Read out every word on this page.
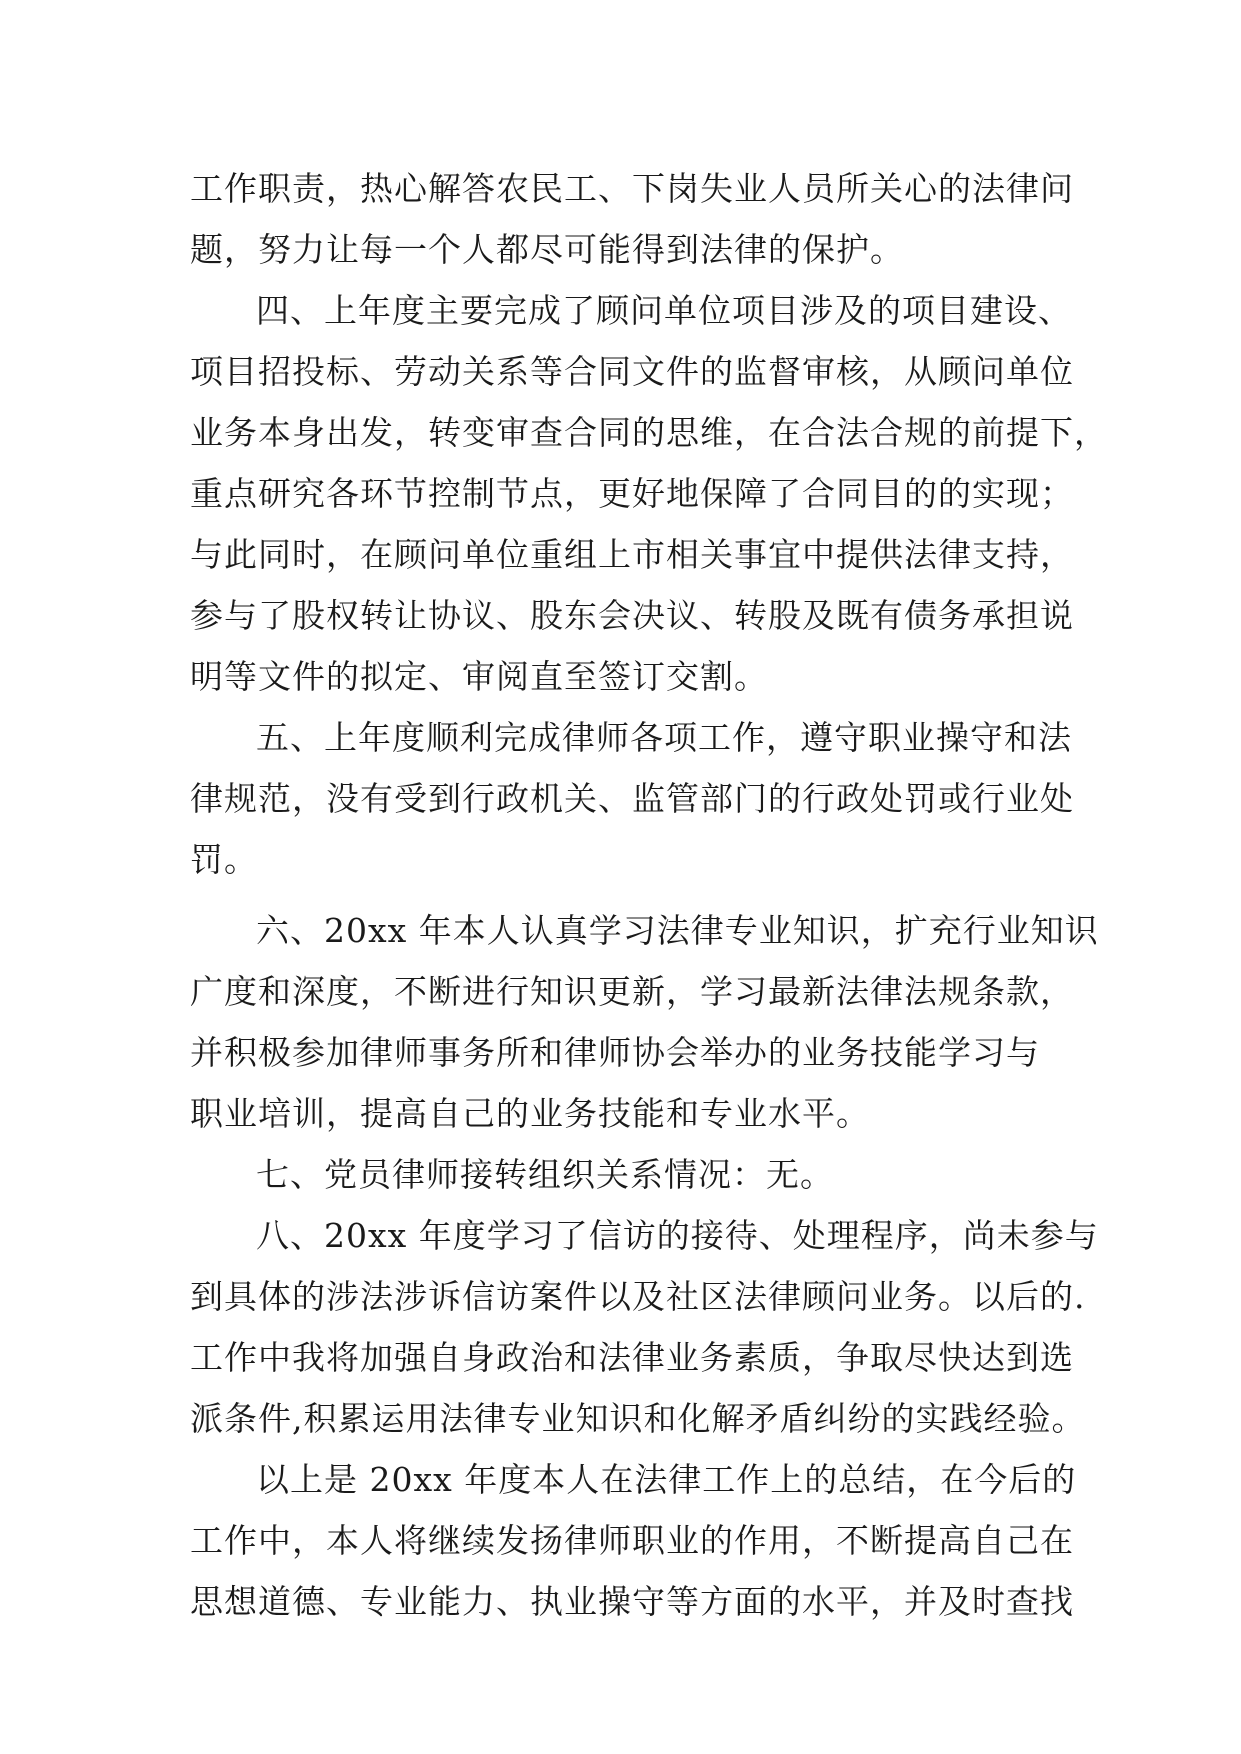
工作职责，热心解答农民工、下岗失业人员所关心的法律问
题，努力让每一个人都尽可能得到法律的保护。
四、上年度主要完成了顾问单位项目涉及的项目建设、
项目招投标、劳动关系等合同文件的监督审核，从顾问单位
业务本身出发，转变审查合同的思维，在合法合规的前提下，
重点研究各环节控制节点，更好地保障了合同目的的实现；
与此同时，在顾问单位重组上市相关事宜中提供法律支持，
参与了股权转让协议、股东会决议、转股及既有债务承担说
明等文件的拟定、审阅直至签订交割。
五、上年度顺利完成律师各项工作，遵守职业操守和法
律规范，没有受到行政机关、监管部门的行政处罚或行业处
罚。
六、20xx 年本人认真学习法律专业知识，扩充行业知识
广度和深度，不断进行知识更新，学习最新法律法规条款，
并积极参加律师事务所和律师协会举办的业务技能学习与
职业培训，提高自己的业务技能和专业水平。
七、党员律师接转组织关系情况：无。
八、20xx 年度学习了信访的接待、处理程序，尚未参与
到具体的涉法涉诉信访案件以及社区法律顾问业务。以后的.
工作中我将加强自身政治和法律业务素质，争取尽快达到选
派条件,积累运用法律专业知识和化解矛盾纠纷的实践经验。
以上是 20xx 年度本人在法律工作上的总结，在今后的
工作中，本人将继续发扬律师职业的作用，不断提高自己在
思想道德、专业能力、执业操守等方面的水平，并及时查找
